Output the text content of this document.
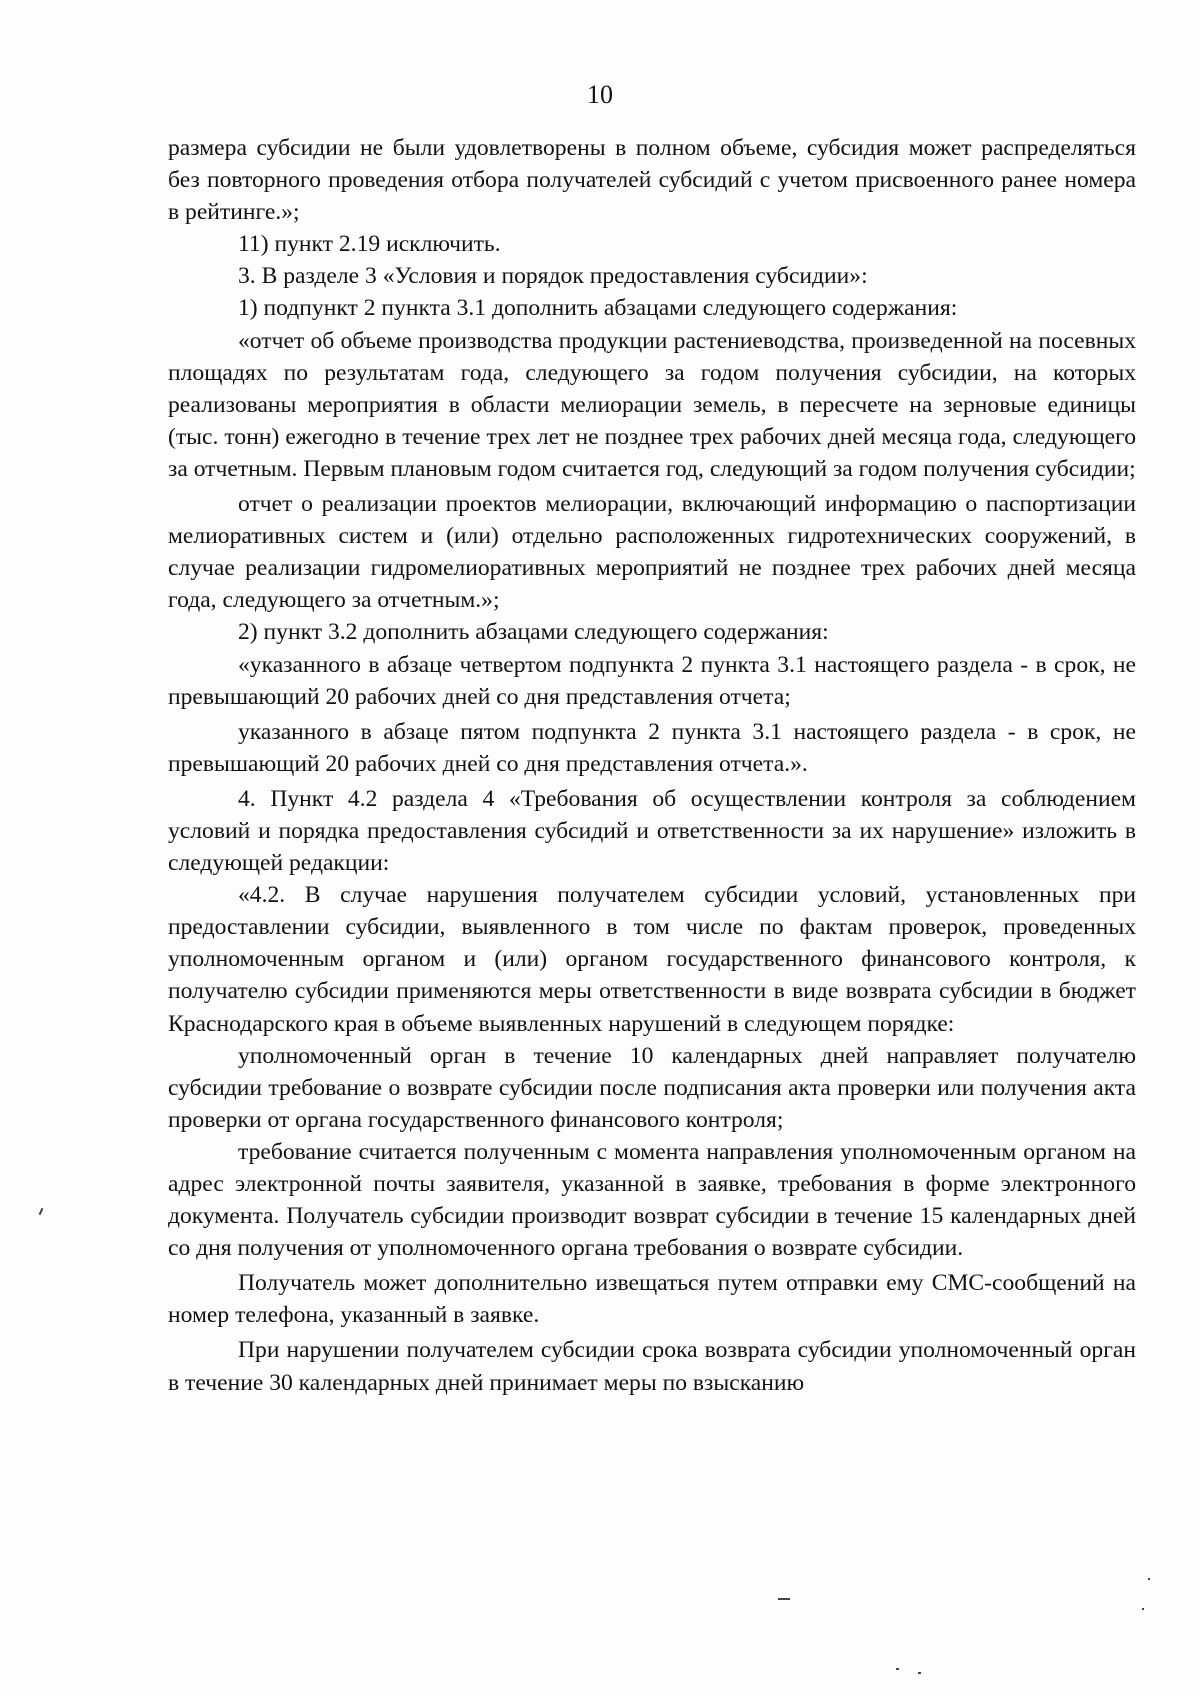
10

размера субсидии не были удовлетворены в полном объеме, субсидия может распределяться без повторного проведения отбора получателей субсидий с учетом присвоенного ранее номера в рейтинге.»;

11) пункт 2.19 исключить.

3. В разделе 3 «Условия и порядок предоставления субсидии»:

1) подпункт 2 пункта 3.1 дополнить абзацами следующего содержания:

«отчет об объеме производства продукции растениеводства, произведенной на посевных площадях по результатам года, следующего за годом получения субсидии, на которых реализованы мероприятия в области мелиорации земель, в пересчете на зерновые единицы (тыс. тонн) ежегодно в течение трех лет не позднее трех рабочих дней месяца года, следующего за отчетным. Первым плановым годом считается год, следующий за годом получения субсидии;

отчет о реализации проектов мелиорации, включающий информацию о паспортизации мелиоративных систем и (или) отдельно расположенных гидротехнических сооружений, в случае реализации гидромелиоративных мероприятий не позднее трех рабочих дней месяца года, следующего за отчетным.»;

2) пункт 3.2 дополнить абзацами следующего содержания:

«указанного в абзаце четвертом подпункта 2 пункта 3.1 настоящего раздела - в срок, не превышающий 20 рабочих дней со дня представления отчета;

указанного в абзаце пятом подпункта 2 пункта 3.1 настоящего раздела - в срок, не превышающий 20 рабочих дней со дня представления отчета.».

4. Пункт 4.2 раздела 4 «Требования об осуществлении контроля за соблюдением условий и порядка предоставления субсидий и ответственности за их нарушение» изложить в следующей редакции:

«4.2. В случае нарушения получателем субсидии условий, установленных при предоставлении субсидии, выявленного в том числе по фактам проверок, проведенных уполномоченным органом и (или) органом государственного финансового контроля, к получателю субсидии применяются меры ответственности в виде возврата субсидии в бюджет Краснодарского края в объеме выявленных нарушений в следующем порядке:

уполномоченный орган в течение 10 календарных дней направляет получателю субсидии требование о возврате субсидии после подписания акта проверки или получения акта проверки от органа государственного финансового контроля;

требование считается полученным с момента направления уполномоченным органом на адрес электронной почты заявителя, указанной в заявке, требования в форме электронного документа. Получатель субсидии производит возврат субсидии в течение 15 календарных дней со дня получения от уполномоченного органа требования о возврате субсидии.

Получатель может дополнительно извещаться путем отправки ему СМС-сообщений на номер телефона, указанный в заявке.

При нарушении получателем субсидии срока возврата субсидии уполномоченный орган в течение 30 календарных дней принимает меры по взысканию
